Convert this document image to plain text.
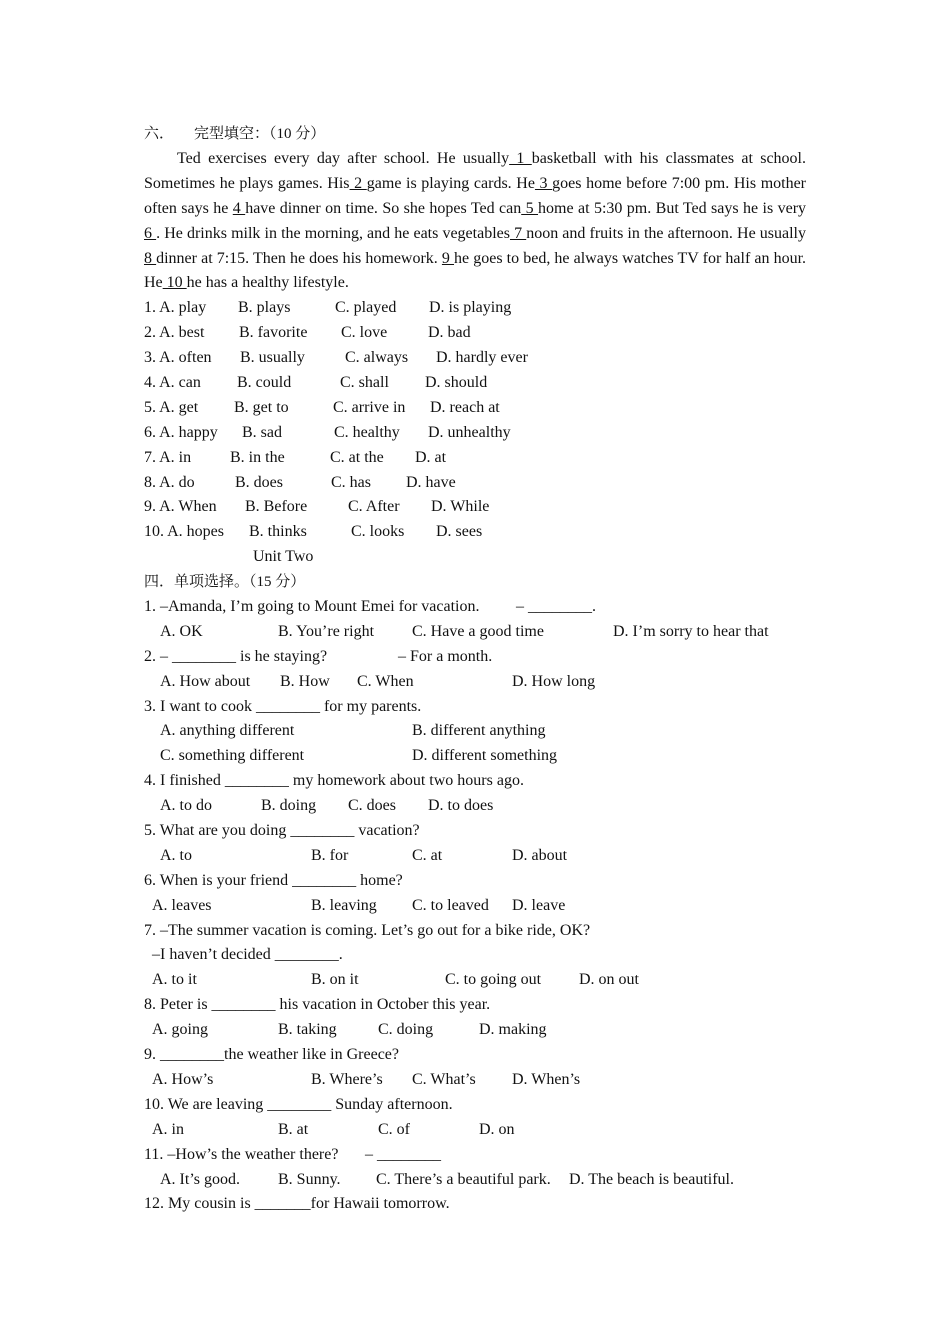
六． 完型填空：（10 分）
Ted exercises every day after school. He usually 1 basketball with his classmates at school. Sometimes he plays games. His 2 game is playing cards. He 3 goes home before 7:00 pm. His mother often says he 4 have dinner on time. So she hopes Ted can 5 home at 5:30 pm. But Ted says he is very 6 . He drinks milk in the morning, and he eats vegetables 7 noon and fruits in the afternoon. He usually 8 dinner at 7:15. Then he does his homework. 9 he goes to bed, he always watches TV for half an hour. He 10 he has a healthy lifestyle.
1. A. play B. plays	C. played D. is playing
2. A. best B. favorite C. love	D. bad
3. A. often B. usually	C. always D. hardly ever
4. A. can B. could	C. shall D. should
5. A. get B. get to	C. arrive in D. reach at
6. A. happy B. sad	C. healthy D. unhealthy
7. A. in B. in the	C. at the D. at
8. A. do	B. does	C. has D. have
9. A. When B. Before	C. After D. While
10. A. hopes B. thinks	C. looks D. sees
Unit Two
四．单项选择。（15 分）
1. –Amanda, I’m going to Mount Emei for vacation. – ________.
A. OK	B. You’re right C. Have a good time	D. I’m sorry to hear that
2. – ________ is he staying?	– For a month.
A. How about B. How C. When	D. How long
3. I want to cook ________ for my parents.
A. anything different	B. different anything
C. something different	D. different something
4. I finished ________ my homework about two hours ago.
A. to do	B. doing C. does D. to does
5. What are you doing ________ vacation?
A. to	B. for	C. at	D. about
6. When is your friend ________ home?
A. leaves	B. leaving C. to leaved D. leave
7. –The summer vacation is coming. Let’s go out for a bike ride, OK?
–I haven’t decided ________.
A. to it	B. on it	C. to going out D. on out
8. Peter is ________ his vacation in October this year.
A. going	B. taking	C. doing	D. making
9. ________the weather like in Greece?
A. How’s	B. Where’s C. What’s D. When’s
10. We are leaving ________ Sunday afternoon.
A. in	B. at	C. of	D. on
11. –How’s the weather there? – ________
A. It’s good. B. Sunny. C. There’s a beautiful park. D. The beach is beautiful.
12. My cousin is _______for Hawaii tomorrow.
